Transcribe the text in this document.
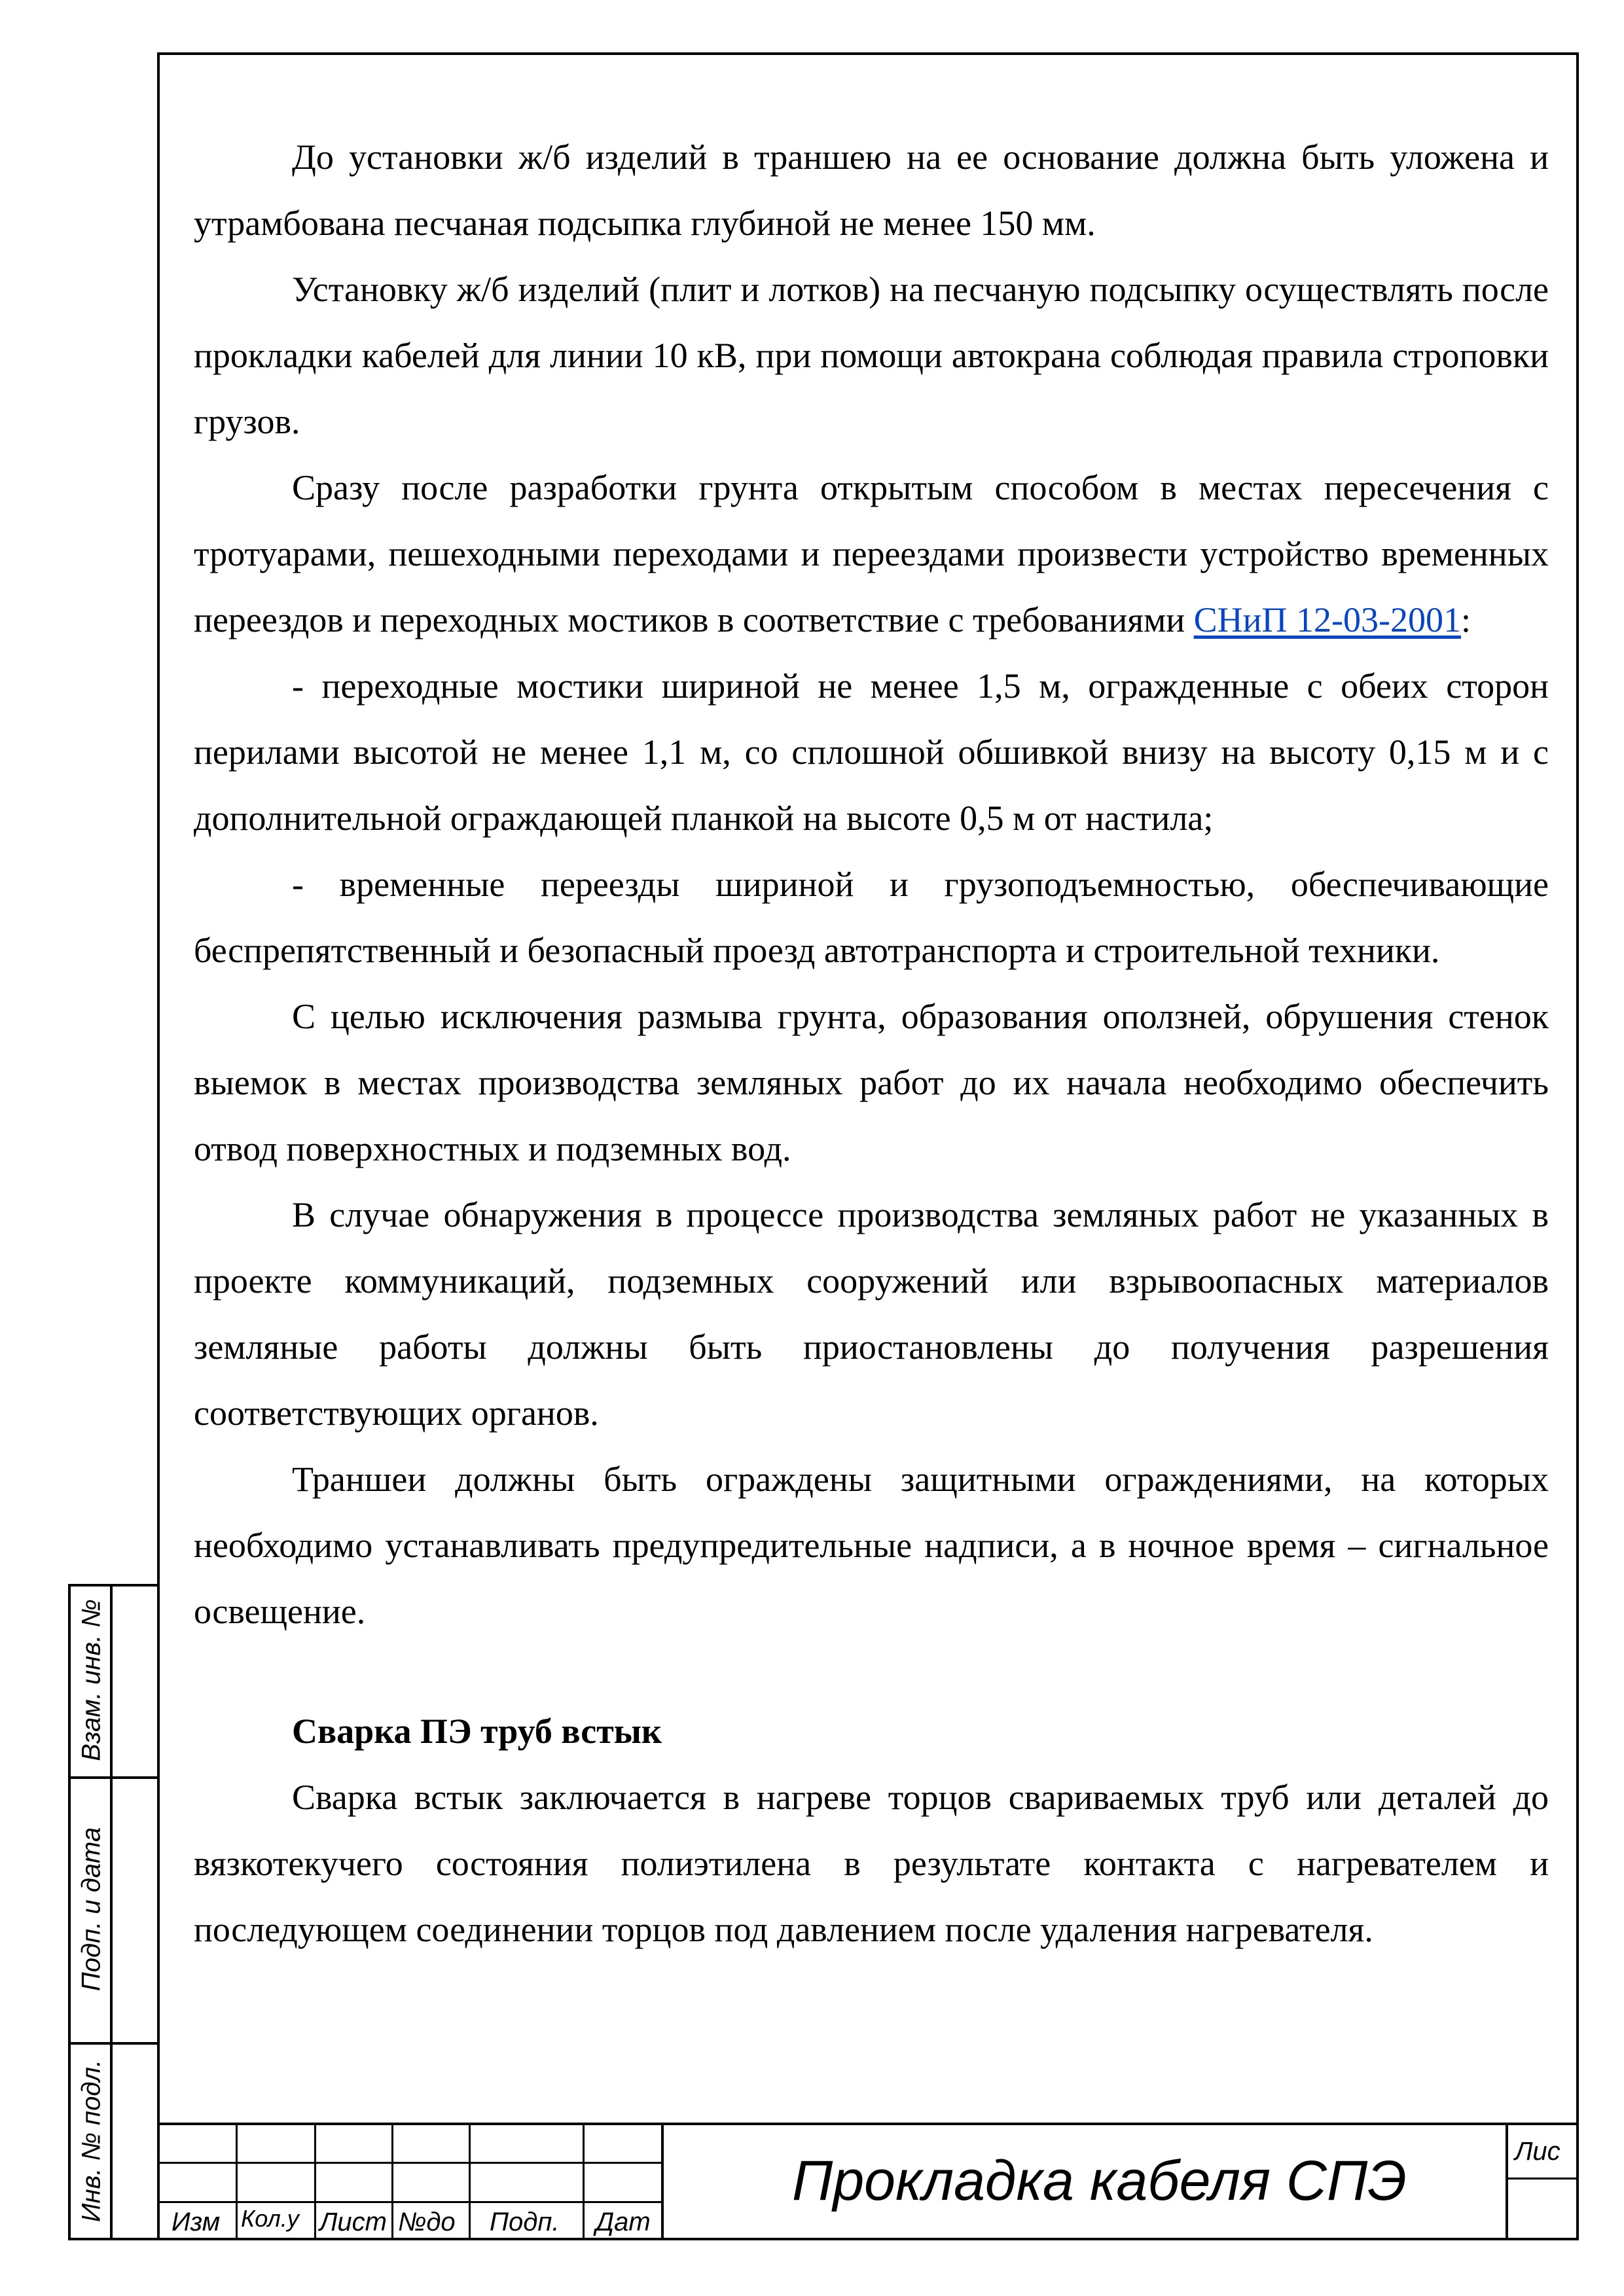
До установки ж/б изделий в траншею на ее основание должна быть уложена и утрамбована песчаная подсыпка глубиной не менее 150 мм.

Установку ж/б изделий (плит и лотков) на песчаную подсыпку осуществлять после прокладки кабелей для линии 10 кВ, при помощи автокрана соблюдая правила строповки грузов.

Сразу после разработки грунта открытым способом в местах пересечения с тротуарами, пешеходными переходами и переездами произвести устройство временных переездов и переходных мостиков в соответствие с требованиями СНиП 12-03-2001:

- переходные мостики шириной не менее 1,5 м, огражденные с обеих сторон перилами высотой не менее 1,1 м, со сплошной обшивкой внизу на высоту 0,15 м и с дополнительной ограждающей планкой на высоте 0,5 м от настила;

- временные переезды шириной и грузоподъемностью, обеспечивающие беспрепятственный и безопасный проезд автотранспорта и строительной техники.

С целью исключения размыва грунта, образования оползней, обрушения стенок выемок в местах производства земляных работ до их начала необходимо обеспечить отвод поверхностных и подземных вод.

В случае обнаружения в процессе производства земляных работ не указанных в проекте коммуникаций, подземных сооружений или взрывоопасных материалов земляные работы должны быть приостановлены до получения разрешения соответствующих органов.

Траншеи должны быть ограждены защитными ограждениями, на которых необходимо устанавливать предупредительные надписи, а в ночное время – сигнальное освещение.

Сварка ПЭ труб встык

Сварка встык заключается в нагреве торцов свариваемых труб или деталей до вязкотекучего состояния полиэтилена в результате контакта с нагревателем и последующем соединении торцов под давлением после удаления нагревателя.

Взам. инв. №
Подп. и дата
Инв. № подл.	Изм Кол.у Лист №до Подп. Дат
Лис
Прокладка кабеля СПЭ
